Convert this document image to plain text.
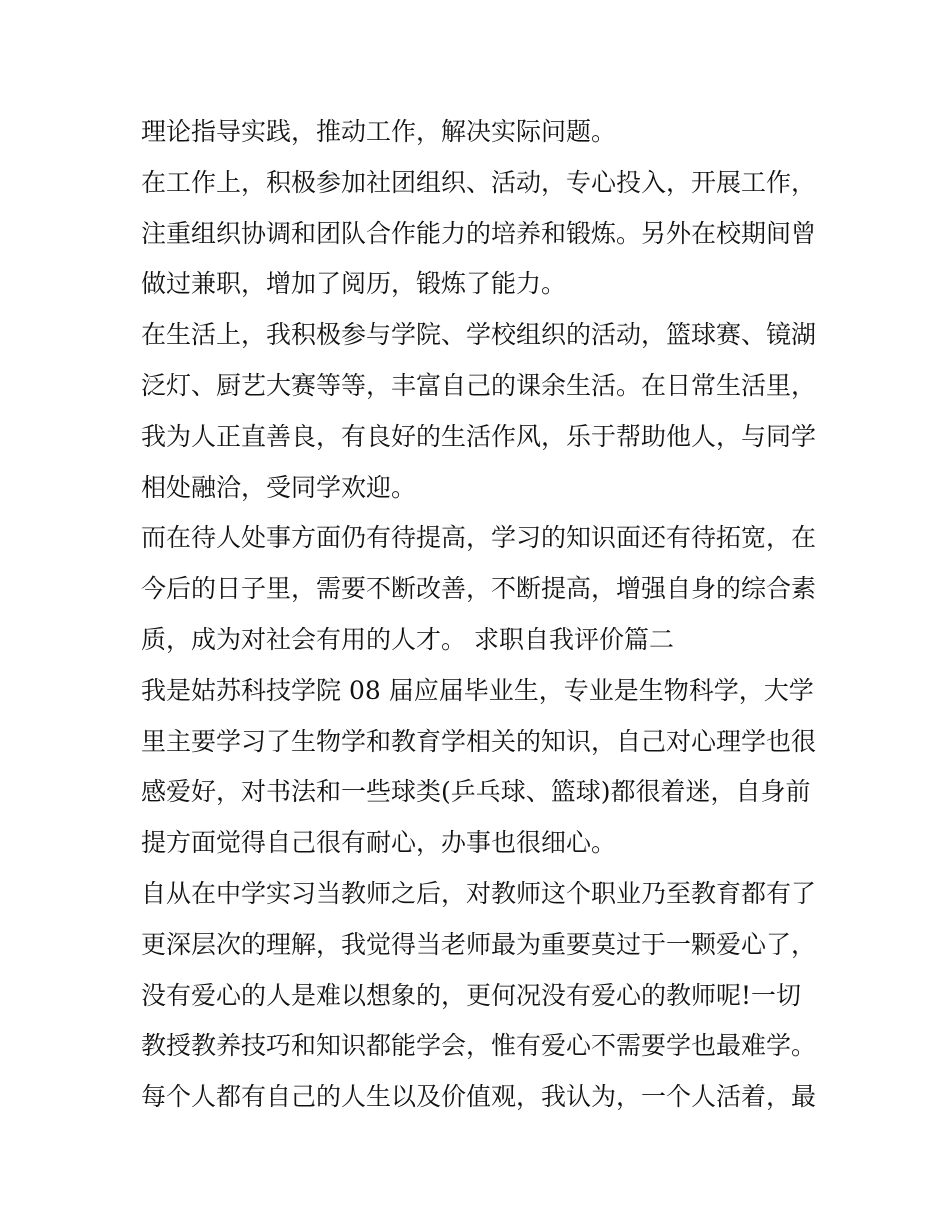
理论指导实践，推动工作，解决实际问题。
在工作上，积极参加社团组织、活动，专心投入，开展工作，
注重组织协调和团队合作能力的培养和锻炼。另外在校期间曾
做过兼职，增加了阅历，锻炼了能力。
在生活上，我积极参与学院、学校组织的活动，篮球赛、镜湖
泛灯、厨艺大赛等等，丰富自己的课余生活。在日常生活里，
我为人正直善良，有良好的生活作风，乐于帮助他人，与同学
相处融洽，受同学欢迎。
而在待人处事方面仍有待提高，学习的知识面还有待拓宽，在
今后的日子里，需要不断改善，不断提高，增强自身的综合素
质，成为对社会有用的人才。 求职自我评价篇二
我是姑苏科技学院 08 届应届毕业生，专业是生物科学，大学
里主要学习了生物学和教育学相关的知识，自己对心理学也很
感爱好，对书法和一些球类(乒乓球、篮球)都很着迷，自身前
提方面觉得自己很有耐心，办事也很细心。
自从在中学实习当教师之后，对教师这个职业乃至教育都有了
更深层次的理解，我觉得当老师最为重要莫过于一颗爱心了，
没有爱心的人是难以想象的，更何况没有爱心的教师呢!一切
教授教养技巧和知识都能学会，惟有爱心不需要学也最难学。
每个人都有自己的人生以及价值观，我认为，一个人活着，最
